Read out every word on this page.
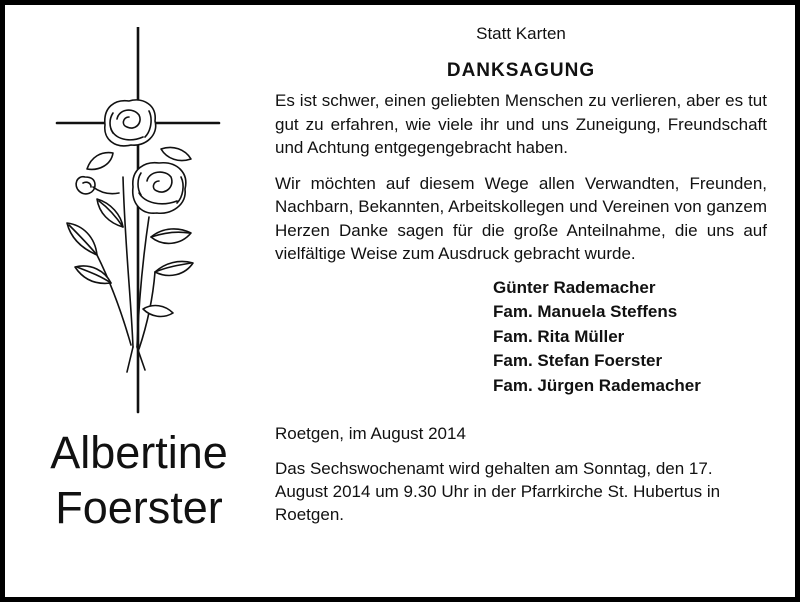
Albertine
Foerster
Statt Karten
DANKSAGUNG

Es ist schwer, einen geliebten Menschen zu verlieren, aber es tut gut zu erfahren, wie viele ihr und uns Zuneigung, Freundschaft und Achtung entgegengebracht haben.

Wir möchten auf diesem Wege allen Verwandten, Freunden, Nachbarn, Bekannten, Arbeitskollegen und Vereinen von ganzem Herzen Danke sagen für die große Anteilnahme, die uns auf vielfältige Weise zum Ausdruck gebracht wurde.

Günter Rademacher
Fam. Manuela Steffens
Fam. Rita Müller
Fam. Stefan Foerster
Fam. Jürgen Rademacher
Roetgen, im August 2014
Das Sechswochenamt wird gehalten am Sonntag, den 17. August 2014 um 9.30 Uhr in der Pfarrkirche St. Hubertus in Roetgen.
